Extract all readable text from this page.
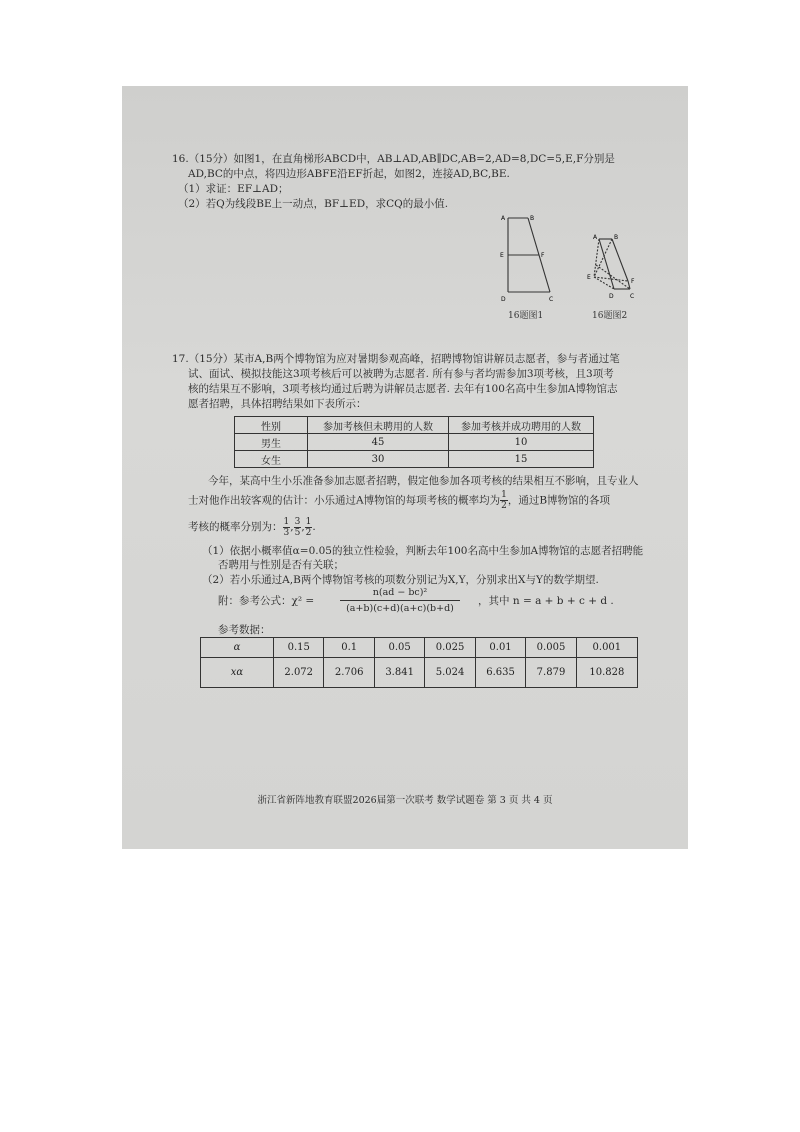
16.（15分）如图1，在直角梯形ABCD中，AB⊥AD,AB∥DC,AB=2,AD=8,DC=5,E,F分别是
AD,BC的中点，将四边形ABFE沿EF折起，如图2，连接AD,BC,BE.
（1）求证：EF⊥AD；
（2）若Q为线段BE上一动点，BF⊥ED，求CQ的最小值.
A	B
E	F
D	C
16题图1
A	B
E
F
D	C
16题图2
17.（15分）某市A,B两个博物馆为应对暑期参观高峰，招聘博物馆讲解员志愿者，参与者通过笔
试、面试、模拟技能这3项考核后可以被聘为志愿者. 所有参与者均需参加3项考核，且3项考
核的结果互不影响，3项考核均通过后聘为讲解员志愿者. 去年有100名高中生参加A博物馆志
愿者招聘，具体招聘结果如下表所示：
性别	参加考核但未聘用的人数	参加考核并成功聘用的人数
男生	45	10
女生	30	15
今年，某高中生小乐准备参加志愿者招聘，假定他参加各项考核的结果相互不影响，且专业人
士对他作出较客观的估计：小乐通过A博物馆的每项考核的概率均为 $\frac{1}{2}$ ，通过B博物馆的各项
考核的概率分别为： $\frac{1}{3}$ , $\frac{3}{5}$ , $\frac{1}{2}$ .
（1）依据小概率值α=0.05的独立性检验，判断去年100名高中生参加A博物馆的志愿者招聘能
否聘用与性别是否有关联；
（2）若小乐通过A,B两个博物馆考核的项数分别记为X,Y，分别求出X与Y的数学期望.
附：参考公式：χ² =
n(ad − bc)²
(a+b)(c+d)(a+c)(b+d)
，其中 n = a + b + c + d .
参考数据：
α	0.15	0.1	0.05	0.025	0.01	0.005	0.001
xα	2.072	2.706	3.841	5.024	6.635	7.879	10.828
浙江省新阵地教育联盟2026届第一次联考 数学试题卷 第 3 页 共 4 页
